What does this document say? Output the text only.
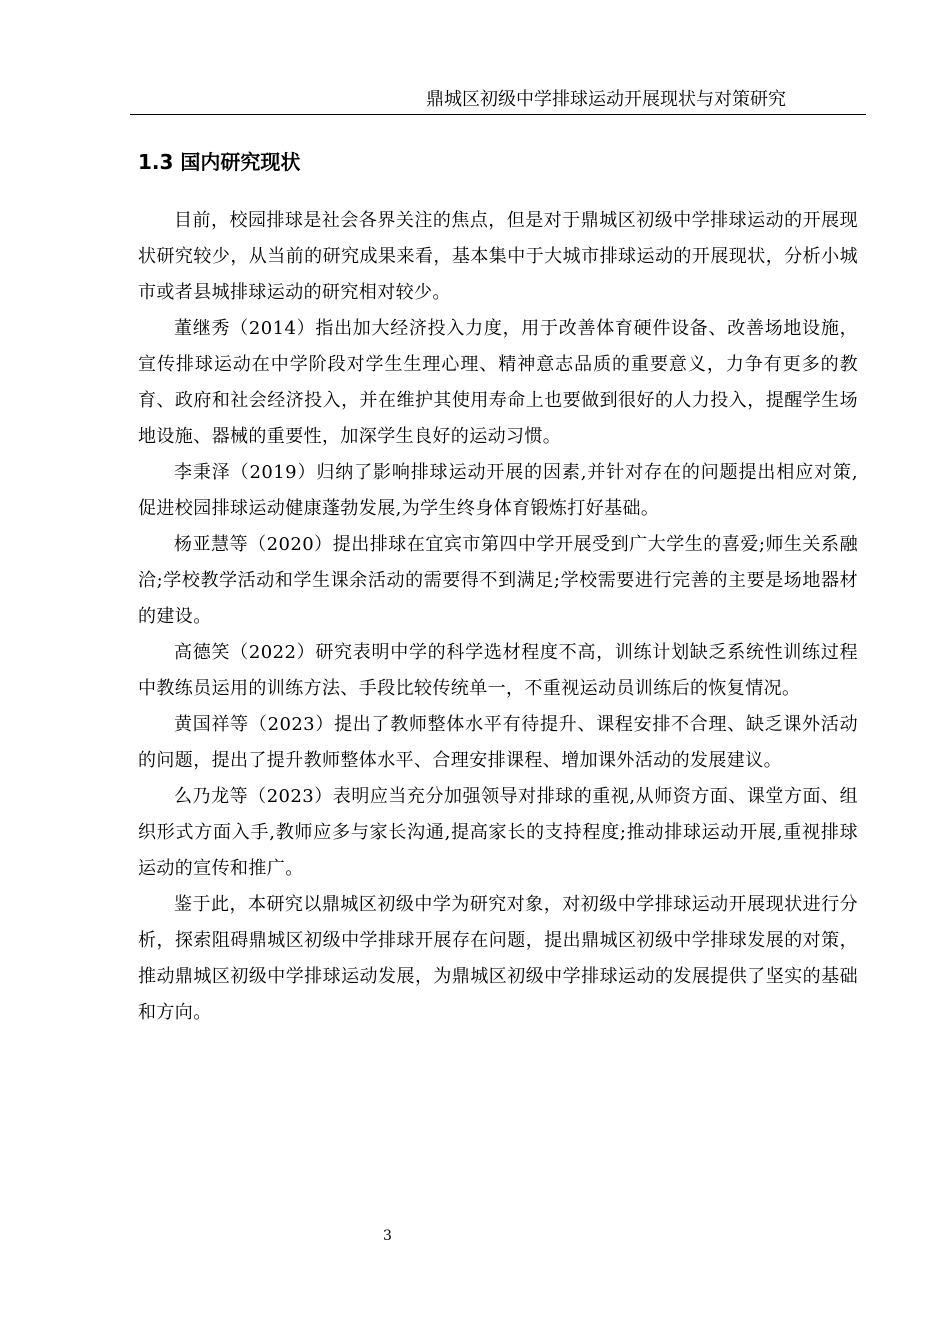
鼎城区初级中学排球运动开展现状与对策研究
1.3 国内研究现状

目前，校园排球是社会各界关注的焦点，但是对于鼎城区初级中学排球运动的开展现状研究较少，从当前的研究成果来看，基本集中于大城市排球运动的开展现状，分析小城市或者县城排球运动的研究相对较少。

董继秀（2014）指出加大经济投入力度，用于改善体育硬件设备、改善场地设施，宣传排球运动在中学阶段对学生生理心理、精神意志品质的重要意义，力争有更多的教育、政府和社会经济投入，并在维护其使用寿命上也要做到很好的人力投入，提醒学生场地设施、器械的重要性，加深学生良好的运动习惯。

李秉泽（2019）归纳了影响排球运动开展的因素,并针对存在的问题提出相应对策,促进校园排球运动健康蓬勃发展,为学生终身体育锻炼打好基础。

杨亚慧等（2020）提出排球在宜宾市第四中学开展受到广大学生的喜爱;师生关系融洽;学校教学活动和学生课余活动的需要得不到满足;学校需要进行完善的主要是场地器材的建设。

高德笑（2022）研究表明中学的科学选材程度不高，训练计划缺乏系统性训练过程中教练员运用的训练方法、手段比较传统单一，不重视运动员训练后的恢复情况。

黄国祥等（2023）提出了教师整体水平有待提升、课程安排不合理、缺乏课外活动的问题，提出了提升教师整体水平、合理安排课程、增加课外活动的发展建议。

么乃龙等（2023）表明应当充分加强领导对排球的重视,从师资方面、课堂方面、组织形式方面入手,教师应多与家长沟通,提高家长的支持程度;推动排球运动开展,重视排球运动的宣传和推广。

鉴于此，本研究以鼎城区初级中学为研究对象，对初级中学排球运动开展现状进行分析，探索阻碍鼎城区初级中学排球开展存在问题，提出鼎城区初级中学排球发展的对策，推动鼎城区初级中学排球运动发展，为鼎城区初级中学排球运动的发展提供了坚实的基础和方向。

3
